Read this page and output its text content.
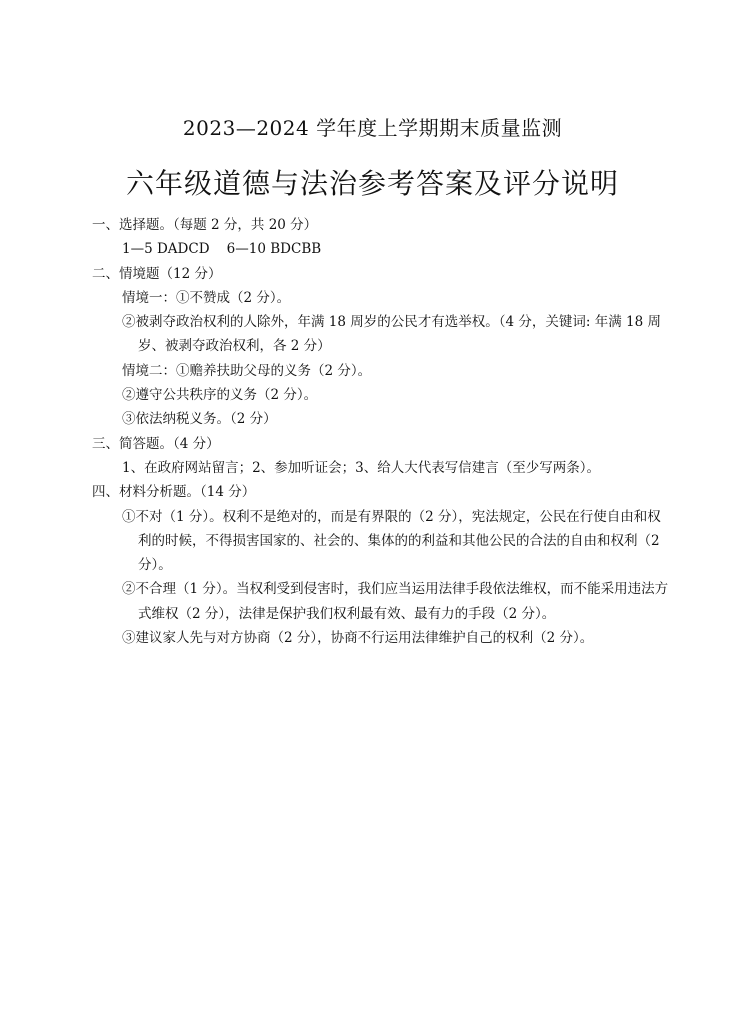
2023—2024 学年度上学期期末质量监测
六年级道德与法治参考答案及评分说明
一、选择题。（每题 2 分，共 20 分）
1—5 DADCD    6—10 BDCBB
二、情境题（12 分）
情境一：①不赞成（2 分）。
②被剥夺政治权利的人除外，年满 18 周岁的公民才有选举权。（4 分，关键词: 年满 18 周岁、被剥夺政治权利，各 2 分）
情境二：①赡养扶助父母的义务（2 分）。
②遵守公共秩序的义务（2 分）。
③依法纳税义务。（2 分）
三、简答题。（4 分）
1、在政府网站留言；2、参加听证会；3、给人大代表写信建言（至少写两条）。
四、材料分析题。（14 分）
①不对（1 分）。权利不是绝对的，而是有界限的（2 分），宪法规定，公民在行使自由和权利的时候，不得损害国家的、社会的、集体的的利益和其他公民的合法的自由和权利（2 分）。
②不合理（1 分）。当权利受到侵害时，我们应当运用法律手段依法维权，而不能采用违法方式维权（2 分），法律是保护我们权利最有效、最有力的手段（2 分）。
③建议家人先与对方协商（2 分），协商不行运用法律维护自己的权利（2 分）。
